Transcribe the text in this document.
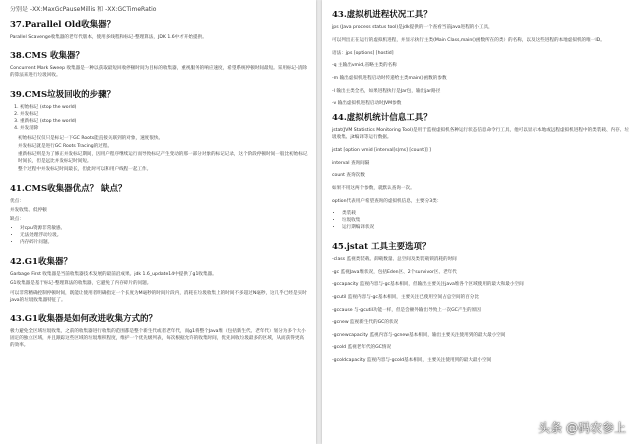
分别是 -XX:MaxGcPauseMillis 和 -XX:GCTimeRatio
37.Parallel Old收集器？

Parallel Scavenge收集器的老年代版本，使用多线程和标记-整理算法，JDK 1.6中才开始提供。

38.CMS 收集器？

Concurrent Mark Sweep 收集器是一种以获取最短回收停顿时间为目标的收集器，重视服务的响应速度，希望系统停顿时间最短。采用标记-清除的算法来进行垃圾回收。

39.CMS垃圾回收的步骤？
1. 初始标记 (stop the world)
2. 并发标记
3. 重新标记 (stop the world)
4. 并发清除

初始标记仅仅只是标记一下GC Roots能直接关联到的对象，速度很快。

并发标记就是进行GC Roots Tracing的过程。

重新标记则是为了修正并发标记期间，因用户程序继续运行而导致标记产生变动的那一部分对象的标记记录，这个阶段停顿时间一般比初始标记时间长，但是远比并发标记时间短。

整个过程中并发标记时间最长，但此时可以和用户线程一起工作。

41.CMS收集器优点？ 缺点？

优点：

并发收集、低停顿

缺点：

• 对cpu资源非常敏感。
• 无法处理浮动垃圾。
• 内存碎片问题。
42.G1收集器？

Garbage First 收集器是当前收集器技术发展的最前沿成果。jdk 1.6_update14中提供了g1收集器。

G1收集器是基于标记-整理算法的收集器，它避免了内存碎片的问题。

可以非常精确控制停顿时间，既能让使用者明确指定一个长度为M毫秒的时间片段内，消耗在垃圾收集上的时间不多超过N毫秒，这几乎已经是实时java的垃圾收集器特征了。

43.G1收集器是如何改进收集方式的？

极力避免全区域垃圾收集，之前的收集器进行收集的范围都是整个新生代或者老年代，而g1将整个Java堆（包括新生代、老年代）划分为多个大小固定的独立区域，并且跟踪这些区域的垃圾堆积程度，维护一个优先级列表，每次根据允许的收集时间，优先回收垃圾最多的区域，从而获得更高的效率。

43.虚拟机进程状况工具？

jps (Java process status tool)是jdk提供的一个查看当前java进程的小工具，

可以列出正在运行的虚拟机进程，并显示执行主类(Main Class,main()函数所在的类）的名称，以及这些进程的本地虚拟机的唯一ID。

语法：jps [options] [hostid]

-q 主输出vmid,省略主类的名称

-m 输出虚拟机进程启动时传递给主类main()函数的参数

-l 输出主类全名，如果进程执行是Jar包，输出jar路径

-v 输出虚拟机进程启动时JVM参数

44.虚拟机统计信息工具？

jstat(JVM Statistics Monitoring Tool)是用于监视虚拟机各种运行状态信息命令行工具，他可以显示本地或远程虚拟机进程中的类装载、内存、垃圾收集、jit编译等运行数据。

jstat [option vmid [interval[s|ms] [count]] ]

interval 查询间隔

count 查询次数

如果不用这两个参数，就默认查询一次。

option代表用户希望查询的虚拟机信息，主要分3类：

• 类装载
• 垃圾收集
• 运行期编译状况
45.jstat 工具主要选项？

-class 监视类装载、卸载数量、总空间及类装载锁消耗的时间

-gc 监视Java堆状况，包括Eden区、2个survivor区、老年代

-gccapacity 监视内容与-gc基本相同，但输出主要关注java堆各个区域使用的最大和最小空间

-gcutil 监视内容与-gc基本相同，主要关注已使用空间占总空间的百分比

-gccause 与-gcutil功能一样，但是会额外输出导致上一次GC产生的原因

-gcnew 监视新生代的GC的状况

-gcnewcapacity 监视内容与-gcnew基本相同，输出主要关注使用到的最大最小空间

-gcold 监视老年代的GC情况

-gcoldcapacity 监视内容与-gcold基本相同，主要关注使用到的最大最小空间

头条 @码农参上
